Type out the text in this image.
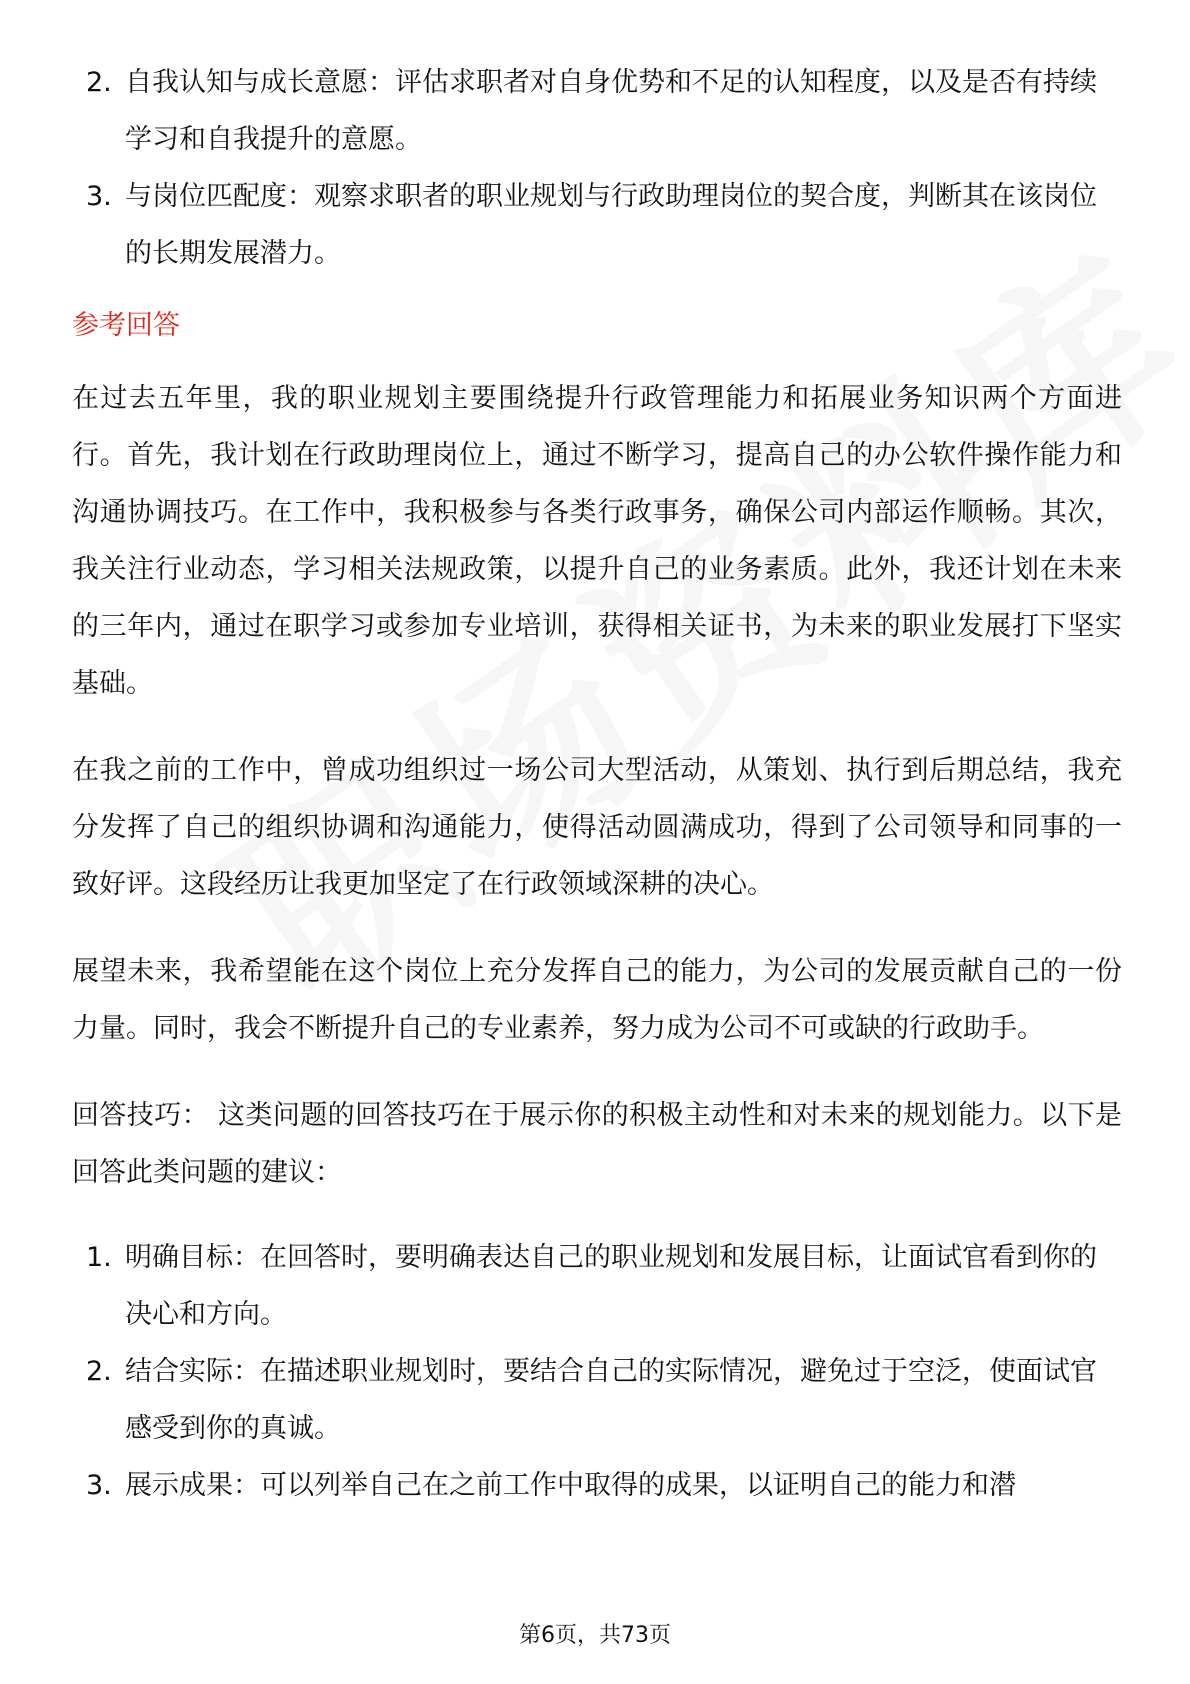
2. 自我认知与成长意愿：评估求职者对自身优势和不足的认知程度，以及是否有持续学习和自我提升的意愿。
3. 与岗位匹配度：观察求职者的职业规划与行政助理岗位的契合度，判断其在该岗位的长期发展潜力。
参考回答

在过去五年里，我的职业规划主要围绕提升行政管理能力和拓展业务知识两个方面进行。首先，我计划在行政助理岗位上，通过不断学习，提高自己的办公软件操作能力和沟通协调技巧。在工作中，我积极参与各类行政事务，确保公司内部运作顺畅。其次，我关注行业动态，学习相关法规政策，以提升自己的业务素质。此外，我还计划在未来的三年内，通过在职学习或参加专业培训，获得相关证书，为未来的职业发展打下坚实基础。

在我之前的工作中，曾成功组织过一场公司大型活动，从策划、执行到后期总结，我充分发挥了自己的组织协调和沟通能力，使得活动圆满成功，得到了公司领导和同事的一致好评。这段经历让我更加坚定了在行政领域深耕的决心。

展望未来，我希望能在这个岗位上充分发挥自己的能力，为公司的发展贡献自己的一份力量。同时，我会不断提升自己的专业素养，努力成为公司不可或缺的行政助手。

回答技巧： 这类问题的回答技巧在于展示你的积极主动性和对未来的规划能力。以下是回答此类问题的建议：

1. 明确目标：在回答时，要明确表达自己的职业规划和发展目标，让面试官看到你的决心和方向。
2. 结合实际：在描述职业规划时，要结合自己的实际情况，避免过于空泛，使面试官感受到你的真诚。
3. 展示成果：可以列举自己在之前工作中取得的成果，以证明自己的能力和潜
第6页，共73页
